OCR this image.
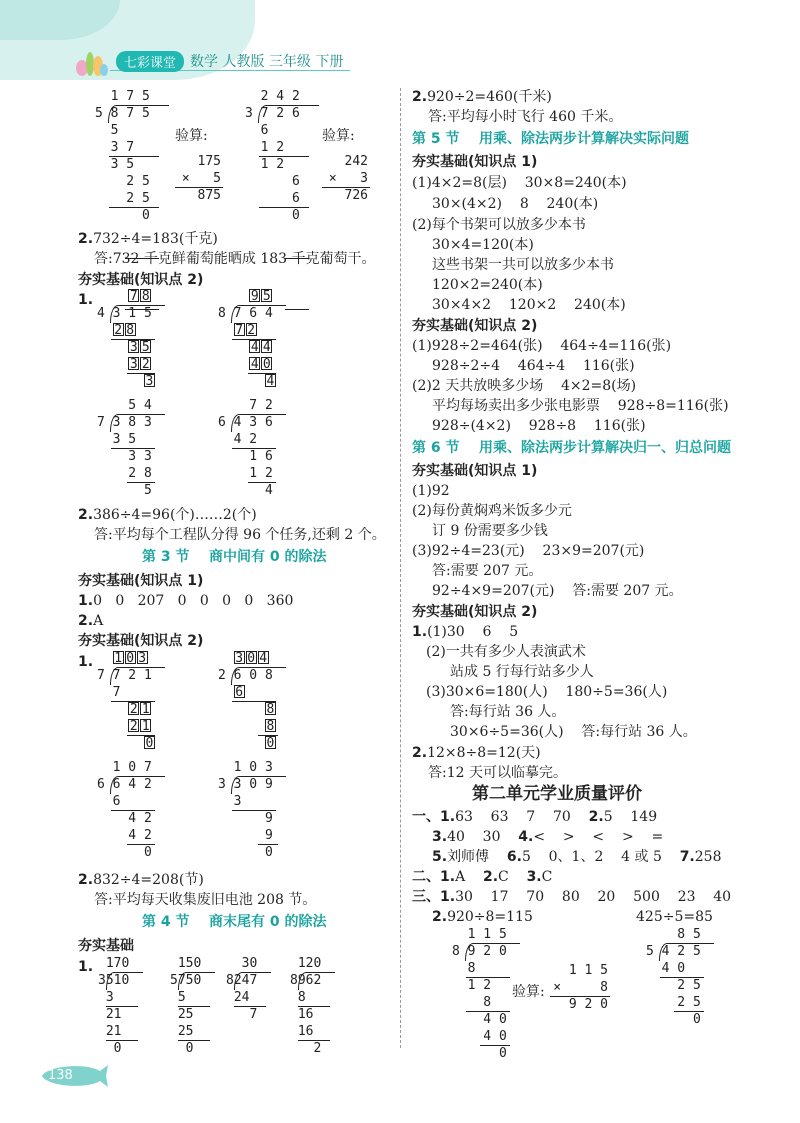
七彩课堂	数学 人教版 三年级 下册
1 7 5
5 8 7 5
5
3 7
3 5
2 5
2 5
0
验算:
175
×   5
875
2 4 2
3 7 2 6
6
1 2
1 2
6
6
0
验算:
242
×   3
726
2.732÷4=183(千克)
答:732 千克鲜葡萄能晒成 183 千克葡萄干。
夯实基础(知识点 2)
1.	7 8
4 3 1 5
2 8
3 5
3 2
3
9 5
8 7 6 4
7 2
4 4
4 0
4
5 4
7 3 8 3
3 5
3 3
2 8
5
7 2
6 4 3 6
4 2
1 6
1 2
4
2.386÷4=96(个)……2(个)
答:平均每个工程队分得 96 个任务,还剩 2 个。
第 3 节    商中间有 0 的除法
夯实基础(知识点 1)
1.0   0   207   0   0   0   0   360
2.A
夯实基础(知识点 2)
1.	1 0 3
7 7 2 1
7
2 1
2 1
0
3 0 4
2 6 0 8
6
8
8
0
1 0 7
6 6 4 2
6
4 2
4 2
0
1 0 3
3 3 0 9
3
9
9
0
2.832÷4=208(节)
答:平均每天收集废旧电池 208 节。
第 4 节    商末尾有 0 的除法
夯实基础
1. 170
3510
3
21
21
0
150
5750
5
25
25
0
30
8247
24
7
120
8962
8
16
16
2
2.920÷2=460(千米)
答:平均每小时飞行 460 千米。
第 5 节    用乘、除法两步计算解决实际问题
夯实基础(知识点 1)
(1)4×2=8(层)    30×8=240(本)
30×(4×2)    8    240(本)
(2)每个书架可以放多少本书
30×4=120(本)
这些书架一共可以放多少本书
120×2=240(本)
30×4×2    120×2    240(本)
夯实基础(知识点 2)
(1)928÷2=464(张)    464÷4=116(张)
928÷2÷4    464÷4    116(张)
(2)2 天共放映多少场    4×2=8(场)
平均每场卖出多少张电影票    928÷8=116(张)
928÷(4×2)    928÷8    116(张)
第 6 节    用乘、除法两步计算解决归一、归总问题
夯实基础(知识点 1)
(1)92
(2)每份黄焖鸡米饭多少元
订 9 份需要多少钱
(3)92÷4=23(元)    23×9=207(元)
答:需要 207 元。
92÷4×9=207(元)    答:需要 207 元。
夯实基础(知识点 2)
1.(1)30    6    5
(2)一共有多少人表演武术
站成 5 行每行站多少人
(3)30×6=180(人)    180÷5=36(人)
答:每行站 36 人。
30×6÷5=36(人)    答:每行站 36 人。
2.12×8÷8=12(天)
答:12 天可以临摹完。
第二单元学业质量评价
一、1.63    63    7    70    2.5    149
3.40    30    4.<    >    <    >    =
5.刘师傅    6.5    0、1、2    4 或 5    7.258
二、1.A    2.C    3.C
三、1.30    17    70    80    20    500    23    40
2.920÷8=115	425÷5=85
1 1 5
8 9 2 0
8
1 2
8
4 0
4 0
0
验算:
1 1 5
×     8
9 2 0
8 5
5 4 2 5
4 0
2 5
2 5
0
138
